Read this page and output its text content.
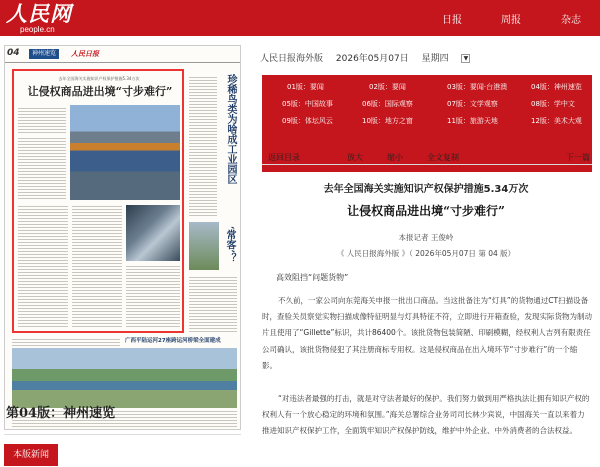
人民网
people.cn
日报	周报	杂志
04	神州速览	人民日报
去年全国海关实施知识产权保护措施5.34万次
让侵权商品进出境“寸步难行”	珍稀鸟类为啥成工业园区
‘常客’？
广西平陆运河27座跨运河桥梁全面建成
第04版：神州速览
本版新闻
人民日报海外版 2026年05月07日 星期四	▼
01版：要闻	02版：要闻	03版：要闻·台港澳	04版：神州速览
05版：中国故事	06版：国际观察	07版：文学观察	08版：学中文
09版：体坛风云	10版：地方之窗	11版：旅游天地	12版：美术大观
返回目录	放大	缩小	全文复制	下一篇
去年全国海关实施知识产权保护措施5.34万次
让侵权商品进出境“寸步难行”
本报记者 王俊岭
《 人民日报海外版 》（ 2026年05月07日 第 04 版）
高效阻挡“问题货物”
不久前，一家公司向东莞海关申报一批出口商品。当这批备注为“灯具”的货物通过CT扫描设备时，查验关员察觉实物扫描成像特征明显与灯具特征不符，立即进行开箱查验，发现实际货物为制动片且使用了“Gillette”标识，共计86400个。该批货物包装简陋、印刷模糊，经权利人吉列有限责任公司确认，该批货物侵犯了其注册商标专用权。这是侵权商品在出入境环节“寸步难行”的一个缩影。
“对违法者最强的打击，就是对守法者最好的保护。我们努力做到用严格执法让拥有知识产权的权利人有一个放心稳定的环境和氛围。”海关总署综合业务司司长林少宾说，中国海关一直以来着力推进知识产权保护工作，全面筑牢知识产权保护防线，维护中外企业、中外消费者的合法权益。
